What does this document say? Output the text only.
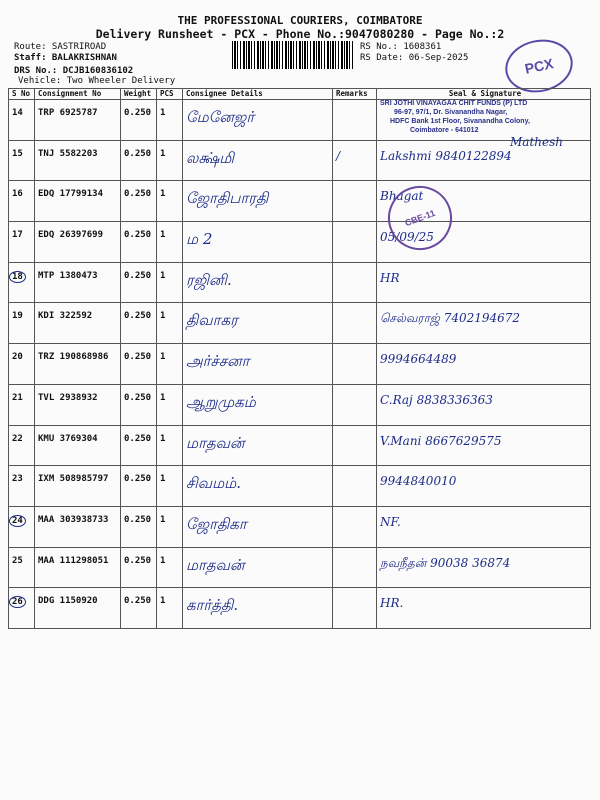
THE PROFESSIONAL COURIERS, COIMBATORE
Delivery Runsheet - PCX - Phone No.:9047080280 - Page No.:2
Route: SASTRIROAD
Staff: BALAKRISHNAN
DRS No.: DCJB160836102
Vehicle: Two Wheeler Delivery
RS No.: 1608361
RS Date: 06-Sep-2025	PCX
S No	Consignment No	Weight	PCS	Consignee Details	Remarks	Seal & Signature
14	TRP 6925787	0.250	1	மேனேஜர்		
15	TNJ 5582203	0.250	1	லக்ஷ்மி	/	Lakshmi 9840122894
16	EDQ 17799134	0.250	1	ஜோதிபாரதி		Bhagat
17	EDQ 26397699	0.250	1	ம 2		05/09/25
18	MTP 1380473	0.250	1	ரஜினி.		HR
19	KDI 322592	0.250	1	திவாகர		செல்வராஜ் 7402194672
20	TRZ 190868986	0.250	1	அர்ச்சனா		9994664489
21	TVL 2938932	0.250	1	ஆறுமுகம்		C.Raj 8838336363
22	KMU 3769304	0.250	1	மாதவன்		V.Mani 8667629575
23	IXM 508985797	0.250	1	சிவமம்.		9944840010
24	MAA 303938733	0.250	1	ஜோதிகா		NF.
25	MAA 111298051	0.250	1	மாதவன்		நவநீதன் 90038 36874
26	DDG 1150920	0.250	1	கார்த்தி.		HR.
SRI JOTHI VINAYAGAA CHIT FUNDS (P) LTD
96-97, 97/1, Dr. Sivanandha Nagar,
HDFC Bank 1st Floor, Sivanandha Colony,
Coimbatore - 641012
Mathesh
CBE-11
